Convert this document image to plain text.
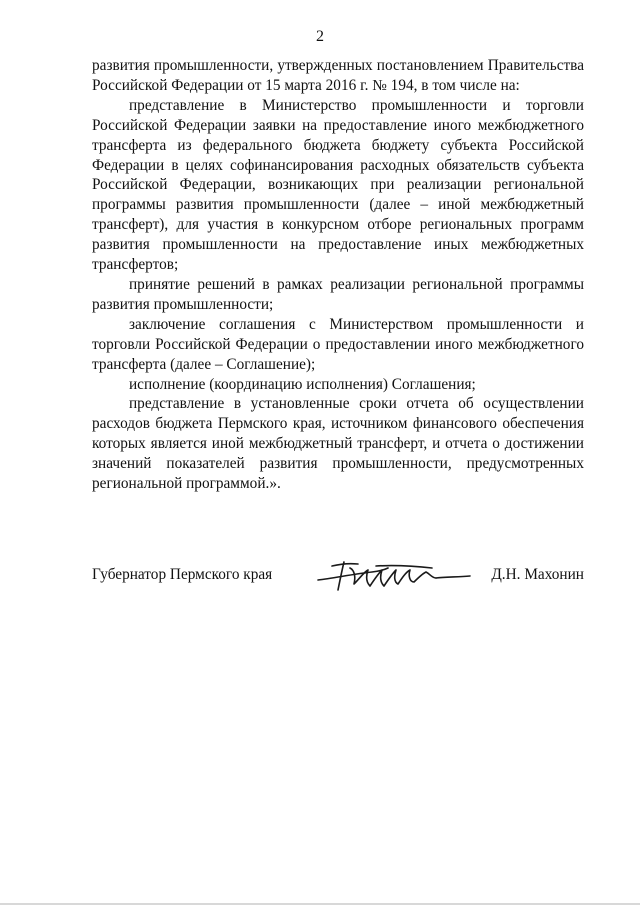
2

развития промышленности, утвержденных постановлением Правительства Российской Федерации от 15 марта 2016 г. № 194, в том числе на:

представление в Министерство промышленности и торговли Российской Федерации заявки на предоставление иного межбюджетного трансферта из федерального бюджета бюджету субъекта Российской Федерации в целях софинансирования расходных обязательств субъекта Российской Федерации, возникающих при реализации региональной программы развития промышленности (далее – иной межбюджетный трансферт), для участия в конкурсном отборе региональных программ развития промышленности на предоставление иных межбюджетных трансфертов;

принятие решений в рамках реализации региональной программы развития промышленности;

заключение соглашения с Министерством промышленности и торговли Российской Федерации о предоставлении иного межбюджетного трансферта (далее – Соглашение);

исполнение (координацию исполнения) Соглашения;

представление в установленные сроки отчета об осуществлении расходов бюджета Пермского края, источником финансового обеспечения которых является иной межбюджетный трансферт, и отчета о достижении значений показателей развития промышленности, предусмотренных региональной программой.».

Губернатор Пермского края	Д.Н. Махонин
